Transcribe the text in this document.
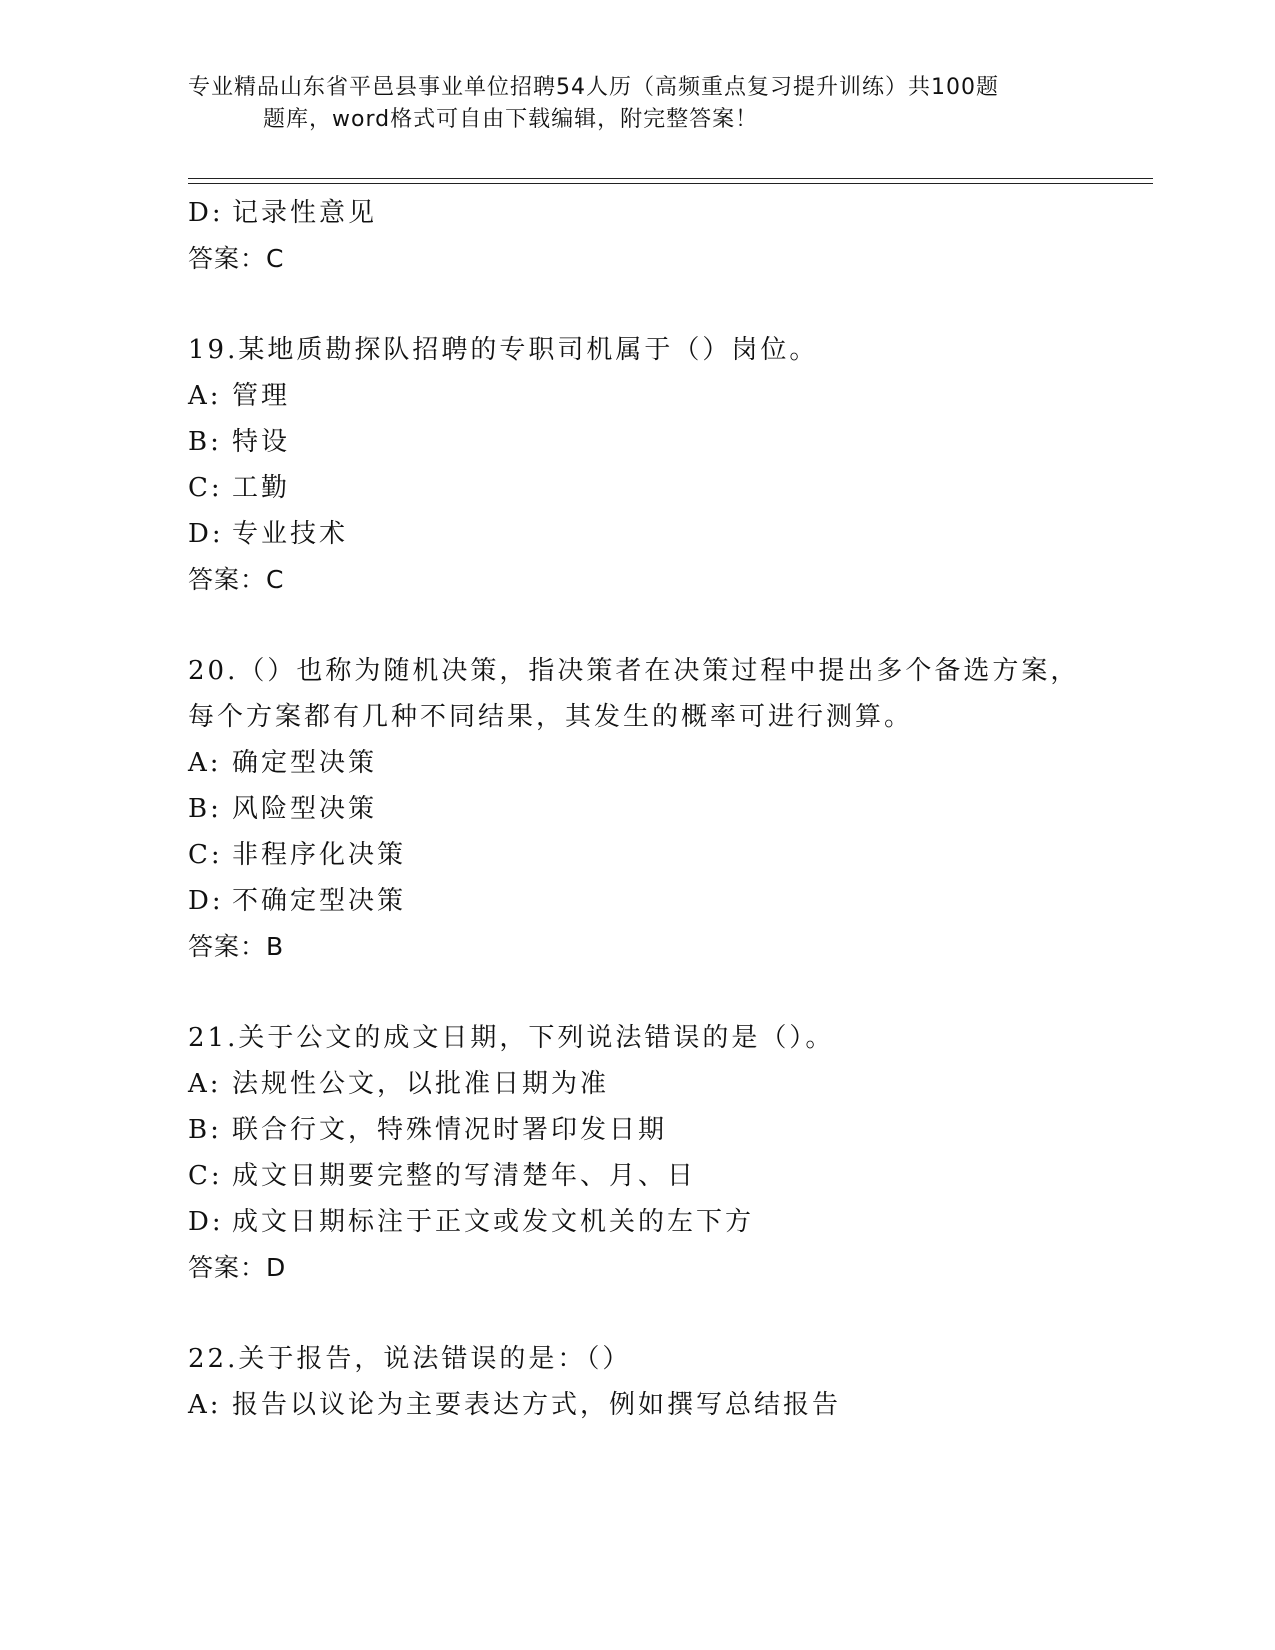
专业精品山东省平邑县事业单位招聘54人历（高频重点复习提升训练）共100题
题库，word格式可自由下载编辑，附完整答案！
D: 记录性意见
答案：C
19.某地质勘探队招聘的专职司机属于（）岗位。
A: 管理
B: 特设
C: 工勤
D: 专业技术
答案：C
20.（）也称为随机决策，指决策者在决策过程中提出多个备选方案，
每个方案都有几种不同结果，其发生的概率可进行测算。
A: 确定型决策
B: 风险型决策
C: 非程序化决策
D: 不确定型决策
答案：B
21.关于公文的成文日期，下列说法错误的是（）。
A: 法规性公文，以批准日期为准
B: 联合行文，特殊情况时署印发日期
C: 成文日期要完整的写清楚年、月、日
D: 成文日期标注于正文或发文机关的左下方
答案：D
22.关于报告，说法错误的是：（）
A: 报告以议论为主要表达方式，例如撰写总结报告
